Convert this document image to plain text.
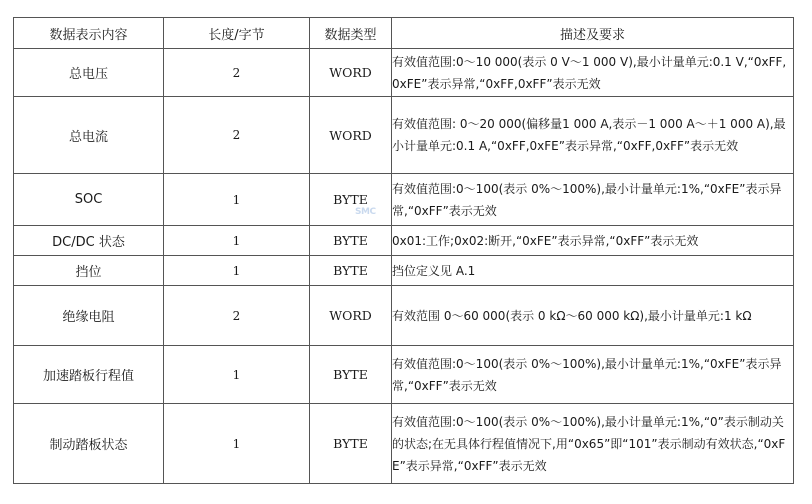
数据表示内容	长度/字节	数据类型	描述及要求
总电压	2	WORD	有效值范围:0～10 000(表示 0 V～1 000 V),最小计量单元:0.1 V,“0xFF,0xFE”表示异常,“0xFF,0xFF”表示无效
总电流	2	WORD	有效值范围: 0～20 000(偏移量1 000 A,表示－1 000 A～＋1 000 A),最小计量单元:0.1 A,“0xFF,0xFE”表示异常,“0xFF,0xFF”表示无效
SOC	1	BYTE	有效值范围:0～100(表示 0%～100%),最小计量单元:1%,“0xFE”表示异常,“0xFF”表示无效
DC/DC 状态	1	BYTE	0x01:工作;0x02:断开,“0xFE”表示异常,“0xFF”表示无效
挡位	1	BYTE	挡位定义见 A.1
绝缘电阻	2	WORD	有效范围 0～60 000(表示 0 kΩ～60 000 kΩ),最小计量单元:1 kΩ
加速踏板行程值	1	BYTE	有效值范围:0～100(表示 0%～100%),最小计量单元:1%,“0xFE”表示异常,“0xFF”表示无效
制动踏板状态	1	BYTE	有效值范围:0～100(表示 0%～100%),最小计量单元:1%,“0”表示制动关的状态;在无具体行程值情况下,用“0x65”即“101”表示制动有效状态,“0xFE”表示异常,“0xFF”表示无效
SMC
